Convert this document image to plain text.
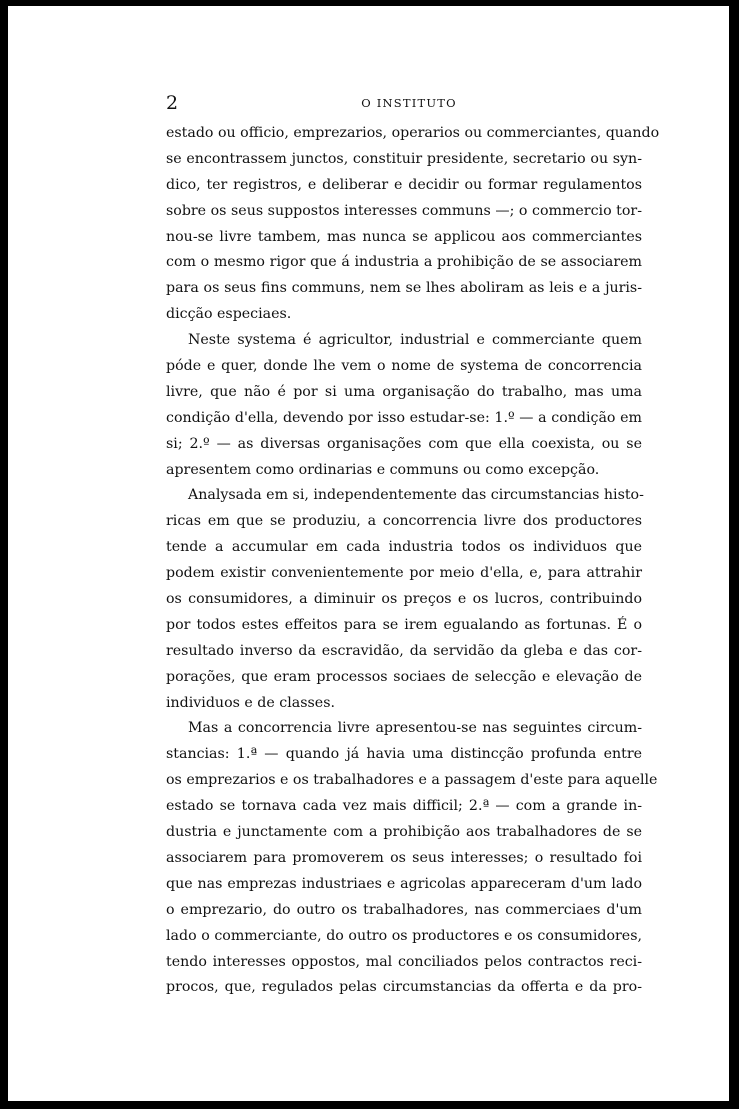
2	O INSTITUTO
estado ou officio, emprezarios, operarios ou commerciantes, quando
se encontrassem junctos, constituir presidente, secretario ou syn-
dico, ter registros, e deliberar e decidir ou formar regulamentos
sobre os seus suppostos interesses communs —; o commercio tor-
nou-se livre tambem, mas nunca se applicou aos commerciantes
com o mesmo rigor que á industria a prohibição de se associarem
para os seus fins communs, nem se lhes aboliram as leis e a juris-
dicção especiaes.
Neste systema é agricultor, industrial e commerciante quem
póde e quer, donde lhe vem o nome de systema de concorrencia
livre, que não é por si uma organisação do trabalho, mas uma
condição d'ella, devendo por isso estudar-se: 1.º — a condição em
si; 2.º — as diversas organisações com que ella coexista, ou se
apresentem como ordinarias e communs ou como excepção.
Analysada em si, independentemente das circumstancias histo-
ricas em que se produziu, a concorrencia livre dos productores
tende a accumular em cada industria todos os individuos que
podem existir convenientemente por meio d'ella, e, para attrahir
os consumidores, a diminuir os preços e os lucros, contribuindo
por todos estes effeitos para se irem egualando as fortunas. É o
resultado inverso da escravidão, da servidão da gleba e das cor-
porações, que eram processos sociaes de selecção e elevação de
individuos e de classes.
Mas a concorrencia livre apresentou-se nas seguintes circum-
stancias: 1.ª — quando já havia uma distincção profunda entre
os emprezarios e os trabalhadores e a passagem d'este para aquelle
estado se tornava cada vez mais difficil; 2.ª — com a grande in-
dustria e junctamente com a prohibição aos trabalhadores de se
associarem para promoverem os seus interesses; o resultado foi
que nas emprezas industriaes e agricolas appareceram d'um lado
o emprezario, do outro os trabalhadores, nas commerciaes d'um
lado o commerciante, do outro os productores e os consumidores,
tendo interesses oppostos, mal conciliados pelos contractos reci-
procos, que, regulados pelas circumstancias da offerta e da pro-
